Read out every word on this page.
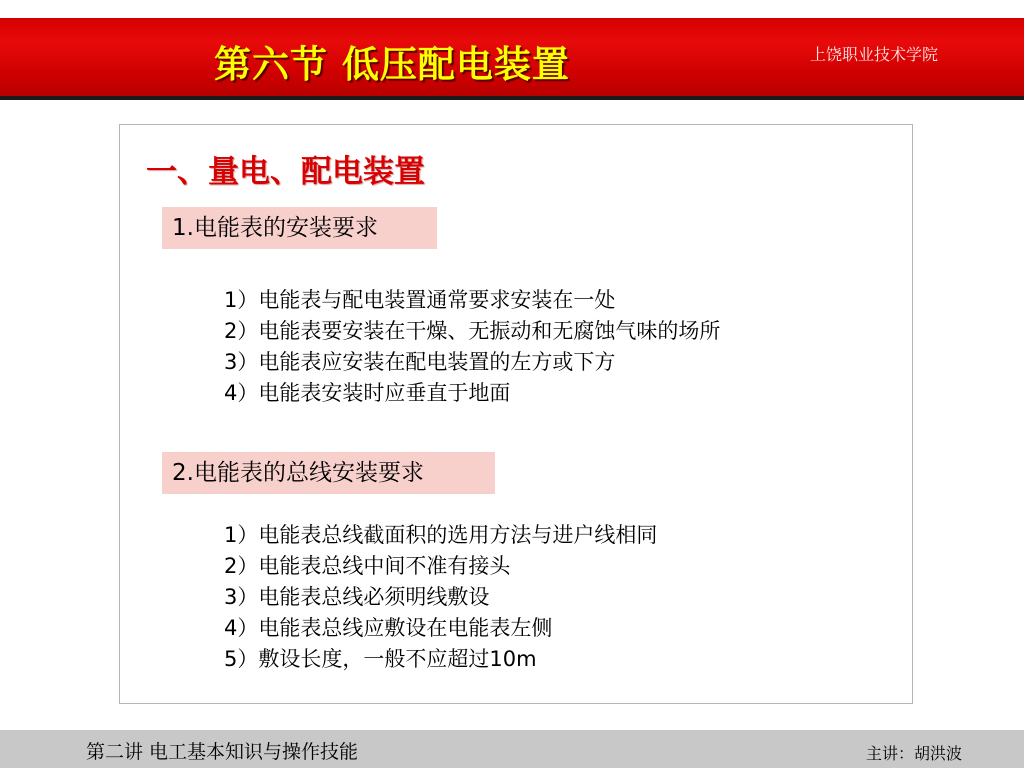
第六节 低压配电装置	上饶职业技术学院
一、量电、配电装置
1.电能表的安装要求
1）电能表与配电装置通常要求安装在一处
2）电能表要安装在干燥、无振动和无腐蚀气味的场所
3）电能表应安装在配电装置的左方或下方
4）电能表安装时应垂直于地面
2.电能表的总线安装要求
1）电能表总线截面积的选用方法与进户线相同
2）电能表总线中间不准有接头
3）电能表总线必须明线敷设
4）电能表总线应敷设在电能表左侧
5）敷设长度，一般不应超过10m
第二讲 电工基本知识与操作技能	主讲：胡洪波
